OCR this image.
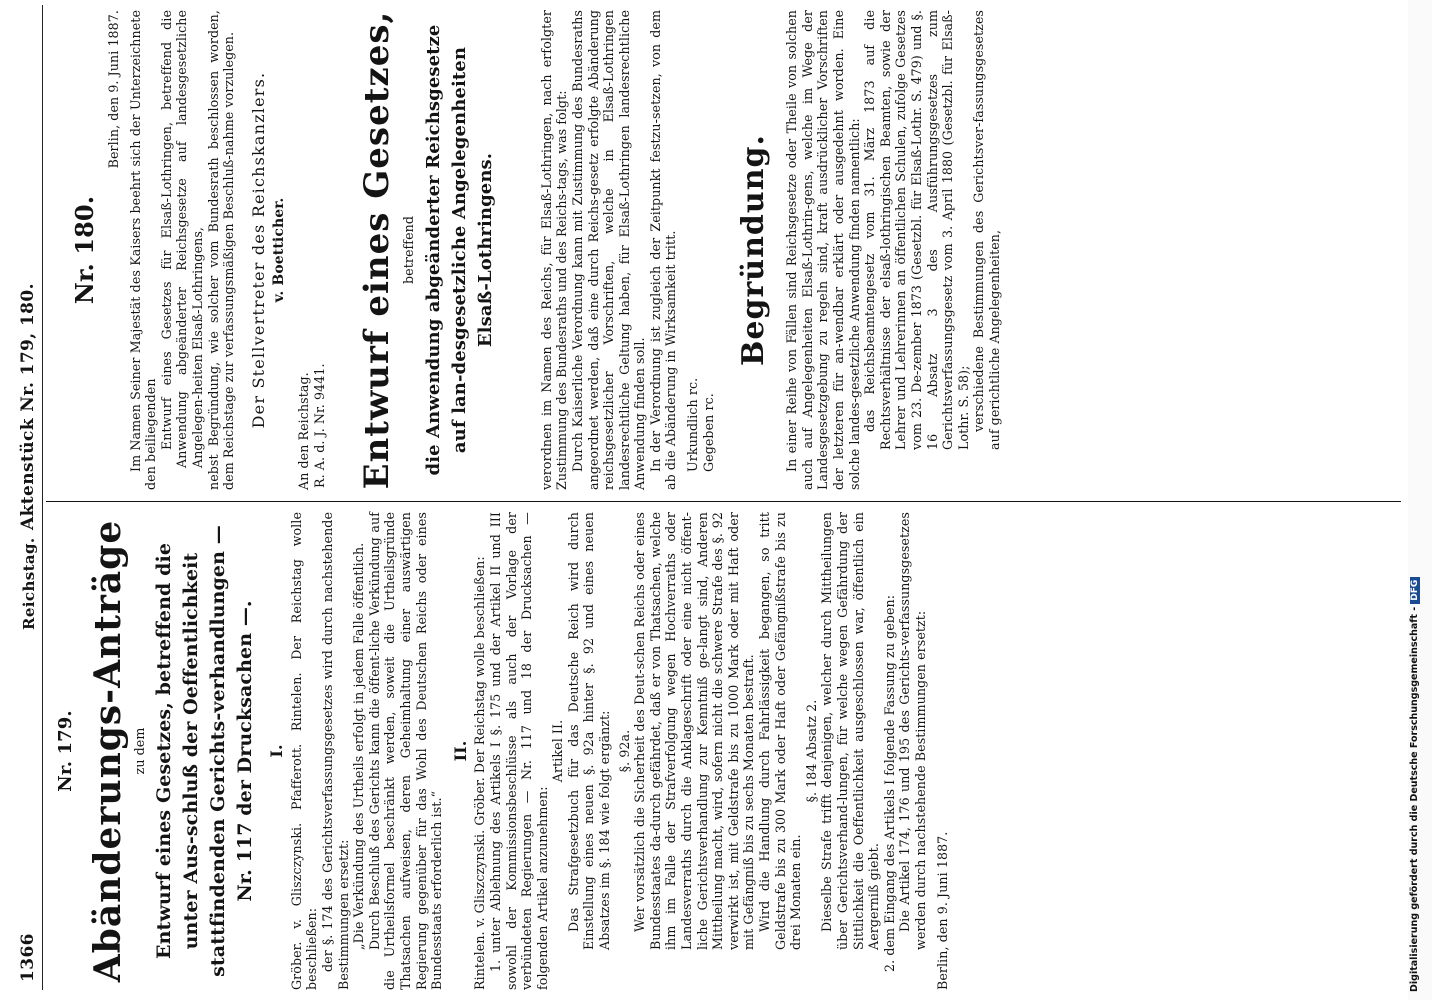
1366
Reichstag.
Aktenstück Nr. 179, 180.
Nr. 179. Abänderungs-Anträge zu dem Entwurf eines Gesetzes, betreffend die unter Aus-schluß der Oeffentlichkeit stattfindenden Gerichts-verhandlungen — Nr. 117 der Drucksachen —. I. Gröber. v. Gliszczynski. Pfafferott. Rintelen. Der Reichstag wolle beschließen: der §. 174 des Gerichtsverfassungsgesetzes wird durch nachstehende Bestimmungen ersetzt: „Die Verkündung des Urtheils erfolgt in jedem Falle öffentlich. Durch Beschluß des Gerichts kann die öffent-liche Verkündung auf die Urtheilsformel beschränkt werden, soweit die Urtheilsgründe Thatsachen aufweisen, deren Geheimhaltung einer auswärtigen Regierung gegenüber für das Wohl des Deutschen Reichs oder eines Bundesstaats erforderlich ist.“

II. Rintelen. v. Gliszczynski. Gröber. Der Reichstag wolle beschließen: 1. unter Ablehnung des Artikels I §. 175 und der Artikel II und III sowohl der Kommissionsbeschlüsse als auch der Vorlage der verbündeten Regierungen — Nr. 117 und 18 der Drucksachen — folgenden Artikel anzunehmen:

Artikel II. Das Strafgesetzbuch für das Deutsche Reich wird durch Einstellung eines neuen §. 92a hinter §. 92 und eines neuen Absatzes im §. 184 wie folgt ergänzt: §. 92a. Wer vorsätzlich die Sicherheit des Deut-schen Reichs oder eines Bundesstaates da-durch gefährdet, daß er von Thatsachen, welche ihm im Falle der Strafverfolgung wegen Hochverraths oder Landesverraths durch die Anklageschrift oder eine nicht öffent-liche Gerichtsverhandlung zur Kenntniß ge-langt sind, Anderen Mittheilung macht, wird, sofern nicht die schwere Strafe des §. 92 verwirkt ist, mit Geldstrafe bis zu 1000 Mark oder mit Haft oder mit Gefängniß bis zu sechs Monaten bestraft. Wird die Handlung durch Fahrlässigkeit begangen, so tritt Geldstrafe bis zu 300 Mark oder Haft oder Gefängnißstrafe bis zu drei Monaten ein.

§. 184 Absatz 2. Dieselbe Strafe trifft denjenigen, welcher durch Mittheilungen über Gerichtsverhand-lungen, für welche wegen Gefährdung der Sittlichkeit die Oeffentlichkeit ausgeschlossen war, öffentlich ein Aergerniß giebt. 2. dem Eingang des Artikels I folgende Fassung zu geben: Die Artikel 174, 176 und 195 des Gerichts-verfassungsgesetzes werden durch nachstehende Bestimmungen ersetzt: Berlin, den 9. Juni 1887.

Nr. 180.
Berlin, den 9. Juni 1887. Im Namen Seiner Majestät des Kaisers beehrt sich der Unterzeichnete den beiliegenden Entwurf eines Gesetzes für Elsaß-Lothringen, betreffend die Anwendung abgeänderter Reichsgesetze auf landesgesetzliche Angelegen-heiten Elsaß-Lothringens, nebst Begründung, wie solcher vom Bundesrath beschlossen worden, dem Reichstage zur verfassungsmäßigen Beschluß-nahme vorzulegen. Der Stellvertreter des Reichskanzlers. v. Boetticher.
An den Reichstag. R. A. d. J. Nr. 9441. Entwurf eines Gesetzes, betreffend die Anwendung abgeänderter Reichsgesetze auf lan-desgesetzliche Angelegenheiten Elsaß-Lothringens.	verordnen im Namen des Reichs, für Elsaß-Lothringen, nach erfolgter Zustimmung des Bundesraths und des Reichs-tags, was folgt: Durch Kaiserliche Verordnung kann mit Zustimmung des Bundesraths angeordnet werden, daß eine durch Reichs-gesetz erfolgte Abänderung reichsgesetzlicher Vorschriften, welche in Elsaß-Lothringen landesrechtliche Geltung haben, für Elsaß-Lothringen landesrechtliche Anwendung finden soll. In der Verordnung ist zugleich der Zeitpunkt festzu-setzen, von dem ab die Abänderung in Wirksamkeit tritt. Urkundlich rc. Gegeben rc.

Begründung. In einer Reihe von Fällen sind Reichsgesetze oder Theile von solchen auch auf Angelegenheiten Elsaß-Lothrin-gens, welche im Wege der Landesgesetzgebung zu regeln sind, kraft ausdrücklicher Vorschriften der letzteren für an-wendbar erklärt oder ausgedehnt worden. Eine solche landes-gesetzliche Anwendung finden namentlich: das Reichsbeamtengesetz vom 31. März 1873 auf die Rechtsverhältnisse der elsaß-lothringischen Beamten, sowie der Lehrer und Lehrerinnen an öffentlichen Schulen, zufolge Gesetzes vom 23. De-zember 1873 (Gesetzbl. für Elsaß-Lothr. S. 479) und §. 16 Absatz 3 des Ausführungsgesetzes zum Gerichtsverfassungsgesetz vom 3. April 1880 (Gesetzbl. für Elsaß-Lothr. S. 58); verschiedene Bestimmungen des Gerichtsver-fassungsgesetzes auf gerichtliche Angelegenheiten,

Digitalisierung gefördert durch die Deutsche Forschungsgemeinschaft -DFG
